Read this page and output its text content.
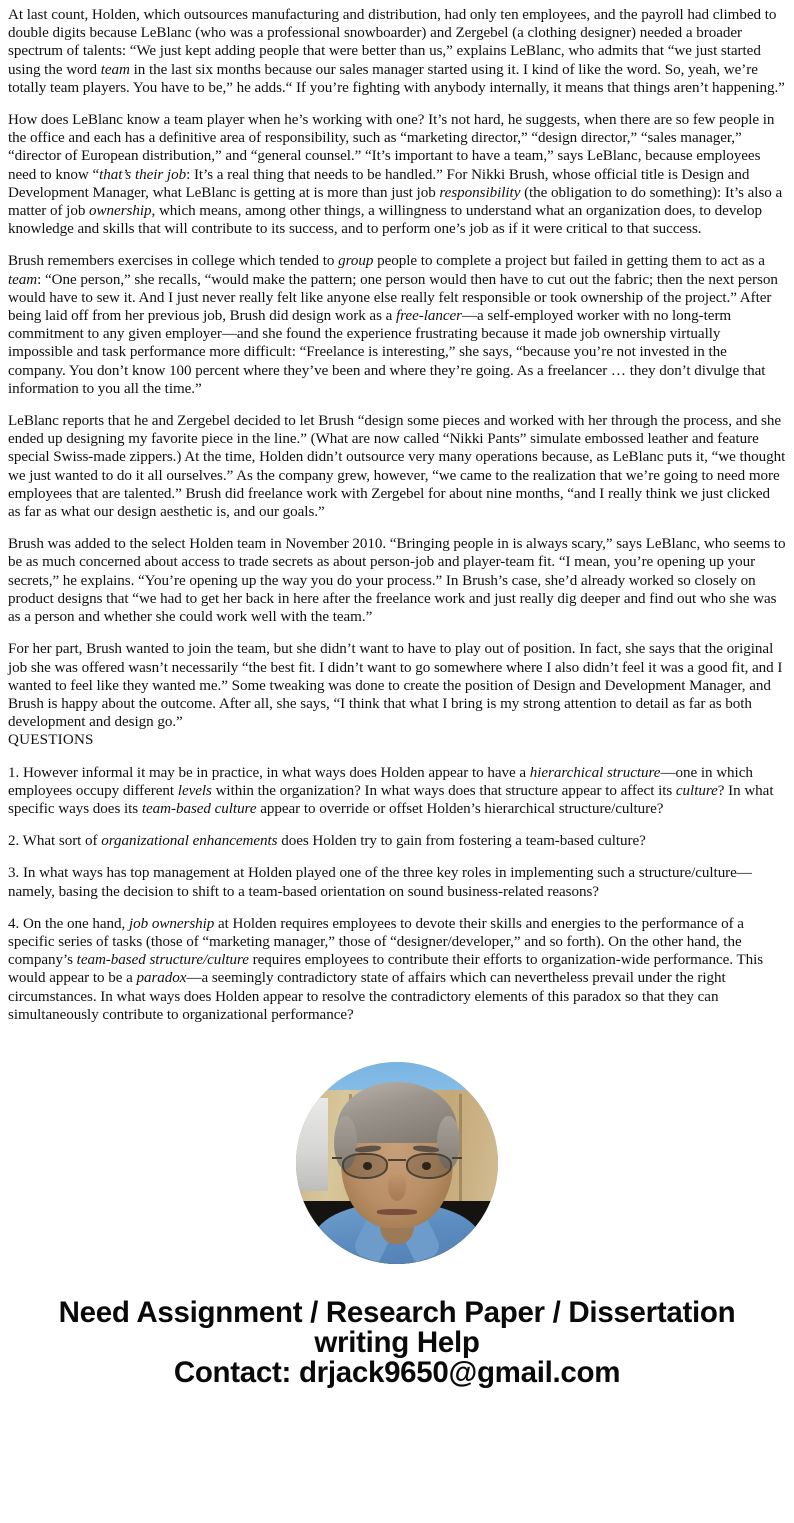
At last count, Holden, which outsources manufacturing and distribution, had only ten employees, and the payroll had climbed to double digits because LeBlanc (who was a professional snowboarder) and Zergebel (a clothing designer) needed a broader spectrum of talents: “We just kept adding people that were better than us,” explains LeBlanc, who admits that “we just started using the word team in the last six months because our sales manager started using it. I kind of like the word. So, yeah, we’re totally team players. You have to be,” he adds.“ If you’re fighting with anybody internally, it means that things aren’t happening.”

How does LeBlanc know a team player when he’s working with one? It’s not hard, he suggests, when there are so few people in the office and each has a definitive area of responsibility, such as “marketing director,” “design director,” “sales manager,” “director of European distribution,” and “general counsel.” “It’s important to have a team,” says LeBlanc, because employees need to know “that’s their job: It’s a real thing that needs to be handled.” For Nikki Brush, whose official title is Design and Development Manager, what LeBlanc is getting at is more than just job responsibility (the obligation to do something): It’s also a matter of job ownership, which means, among other things, a willingness to understand what an organization does, to develop knowledge and skills that will contribute to its success, and to perform one’s job as if it were critical to that success.

Brush remembers exercises in college which tended to group people to complete a project but failed in getting them to act as a team: “One person,” she recalls, “would make the pattern; one person would then have to cut out the fabric; then the next person would have to sew it. And I just never really felt like anyone else really felt responsible or took ownership of the project.” After being laid off from her previous job, Brush did design work as a free-lancer—a self-employed worker with no long-term commitment to any given employer—and she found the experience frustrating because it made job ownership virtually impossible and task performance more difficult: “Freelance is interesting,” she says, “because you’re not invested in the company. You don’t know 100 percent where they’ve been and where they’re going. As a freelancer … they don’t divulge that information to you all the time.”

LeBlanc reports that he and Zergebel decided to let Brush “design some pieces and worked with her through the process, and she ended up designing my favorite piece in the line.” (What are now called “Nikki Pants” simulate embossed leather and feature special Swiss-made zippers.) At the time, Holden didn’t outsource very many operations because, as LeBlanc puts it, “we thought we just wanted to do it all ourselves.” As the company grew, however, “we came to the realization that we’re going to need more employees that are talented.” Brush did freelance work with Zergebel for about nine months, “and I really think we just clicked as far as what our design aesthetic is, and our goals.”

Brush was added to the select Holden team in November 2010. “Bringing people in is always scary,” says LeBlanc, who seems to be as much concerned about access to trade secrets as about person-job and player-team fit. “I mean, you’re opening up your secrets,” he explains. “You’re opening up the way you do your process.” In Brush’s case, she’d already worked so closely on product designs that “we had to get her back in here after the freelance work and just really dig deeper and find out who she was as a person and whether she could work well with the team.”

For her part, Brush wanted to join the team, but she didn’t want to have to play out of position. In fact, she says that the original job she was offered wasn’t necessarily “the best fit. I didn’t want to go somewhere where I also didn’t feel it was a good fit, and I wanted to feel like they wanted me.” Some tweaking was done to create the position of Design and Development Manager, and Brush is happy about the outcome. After all, she says, “I think that what I bring is my strong attention to detail as far as both development and design go.”

QUESTIONS

1. However informal it may be in practice, in what ways does Holden appear to have a hierarchical structure—one in which employees occupy different levels within the organization? In what ways does that structure appear to affect its culture? In what specific ways does its team-based culture appear to override or offset Holden’s hierarchical structure/culture?

2. What sort of organizational enhancements does Holden try to gain from fostering a team-based culture?

3. In what ways has top management at Holden played one of the three key roles in implementing such a structure/culture—namely, basing the decision to shift to a team-based orientation on sound business-related reasons?

4. On the one hand, job ownership at Holden requires employees to devote their skills and energies to the performance of a specific series of tasks (those of “marketing manager,” those of “designer/developer,” and so forth). On the other hand, the company’s team-based structure/culture requires employees to contribute their efforts to organization-wide performance. This would appear to be a paradox—a seemingly contradictory state of affairs which can nevertheless prevail under the right circumstances. In what ways does Holden appear to resolve the contradictory elements of this paradox so that they can simultaneously contribute to organizational performance?

Need Assignment / Research Paper / Dissertation
writing Help
Contact: drjack9650@gmail.com
